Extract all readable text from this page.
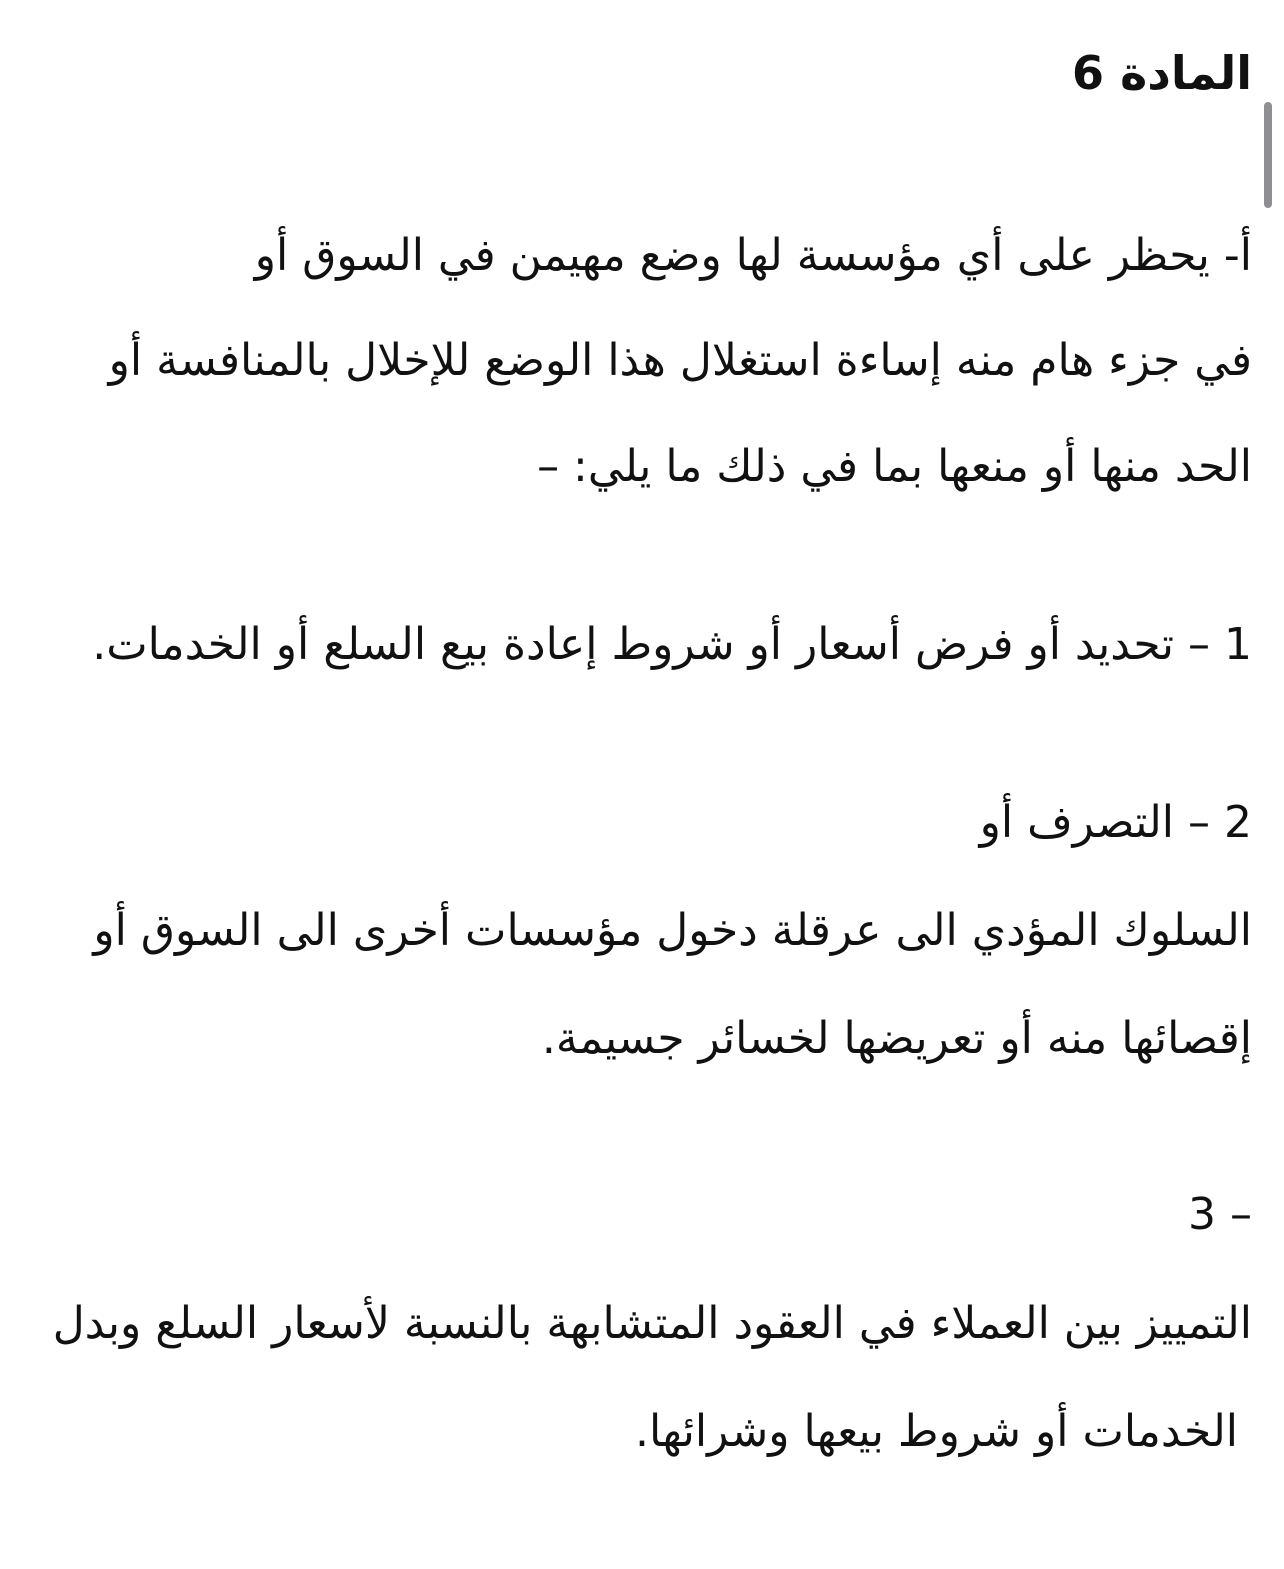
المادة 6
أ- يحظر على أي مؤسسة لها وضع مهيمن في السوق أو
في جزء هام منه إساءة استغلال هذا الوضع للإخلال بالمنافسة أو
الحد منها أو منعها بما في ذلك ما يلي: –
1 – تحديد أو فرض أسعار أو شروط إعادة بيع السلع أو الخدمات.
2 – التصرف أو
السلوك المؤدي الى عرقلة دخول مؤسسات أخرى الى السوق أو
إقصائها منه أو تعريضها لخسائر جسيمة.
3 –
التمييز بين العملاء في العقود المتشابهة بالنسبة لأسعار السلع وبدل
الخدمات أو شروط بيعها وشرائها.
